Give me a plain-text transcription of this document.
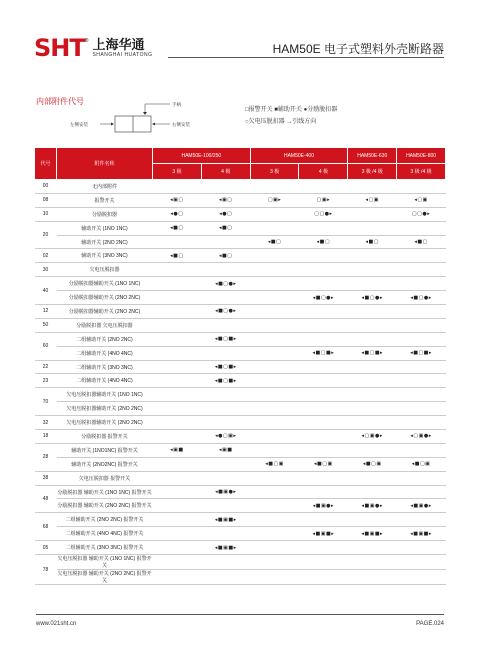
SHT ® 上海华通
SHANGHAI HUATONG	HAM50E 电子式塑料外壳断路器
内部附件代号	手柄
左侧安装	右侧安装
□报警开关 ■辅助开关 ●分励脱扣器
○欠电压脱扣器 →引线方向
代号	附件名称	HAM50E-100/250		HAM50E-400		HAM50E-630	HAM50E-800
		3 极	4 极	3 极	4 极	3 极 /4 极	3 极 /4 极
00	无内部附件						
08	报警开关	◂▣▢	◂▣▢	▢▣▸	▢▣▸	◂▢▣	◂▢▣
10	分励脱扣器	◂●▢	◂●▢		▢▢●▸		▢▢●▸
20	辅助开关 (1NO 1NC)	◂■▢	◂■▢				
	辅助开关 (2NO 2NC)			◂■▢	◂■▢	◂■▢	◂■▢
02	辅助开关 (3NO 3NC)	◂■▢	◂■▢				
30	欠电压脱扣器						
40	分励脱扣器辅助开关 (1NO 1NC)		◂■▢●▸				
	分励脱扣器辅助开关 (2NO 2NC)				◂■▢●▸	◂■▢●▸	◂■▢●▸
12	分励脱扣器辅助开关 (2NO 2NC)		◂■▢●▸				
50	分励脱扣器 欠电压脱扣器						
60	二组辅助开关 (2NO 2NC)		◂■▢■▸				
	二组辅助开关 (4NO 4NC)				◂■▢■▸	◂■▢■▸	◂■▢■▸
22	二组辅助开关 (3NO 3NC)		◂■▢■▸				
23	二组辅助开关 (4NO 4NC)		◂■▢■▸				
70	欠电压脱扣器辅助开关 (1NO 1NC)						
	欠电压脱扣器辅助开关 (2NO 2NC)						
32	欠电压脱扣器辅助开关 (2NO 2NC)						
18	分励脱扣器 报警开关		◂●▢▣▸			◂▢▣●▸	◂▢▣●▸
28	辅助开关 (1NO1NC) 报警开关	◂▣■	◂▣■				
	辅助开关 (2NO2NC) 报警开关			◂■▢▣	◂■▢▣	◂■▢▣	◂■▢▣
38	欠电压脱扣器 报警开关						
48	分励脱扣器 辅助开关 (1NO 1NC) 报警开关		◂■▣●▸				
	分励脱扣器 辅助开关 (2NO 2NC) 报警开关				◂■▣●▸	◂■▣●▸	◂■▣●▸
68	二组辅助开关 (2NO 2NC) 报警开关		◂■▣■▸				
	二组辅助开关 (4NO 4NC) 报警开关				◂■▣■▸	◂■▣■▸	◂■▣■▸
05	二组辅助开关 (3NO 3NC) 报警开关		◂■▣■▸				
78	欠电压脱扣器 辅助开关 (1NO 1NC) 报警开关						
	欠电压脱扣器 辅助开关 (2NO 2NC) 报警开关						
www.021sht.cn	PAGE.024
